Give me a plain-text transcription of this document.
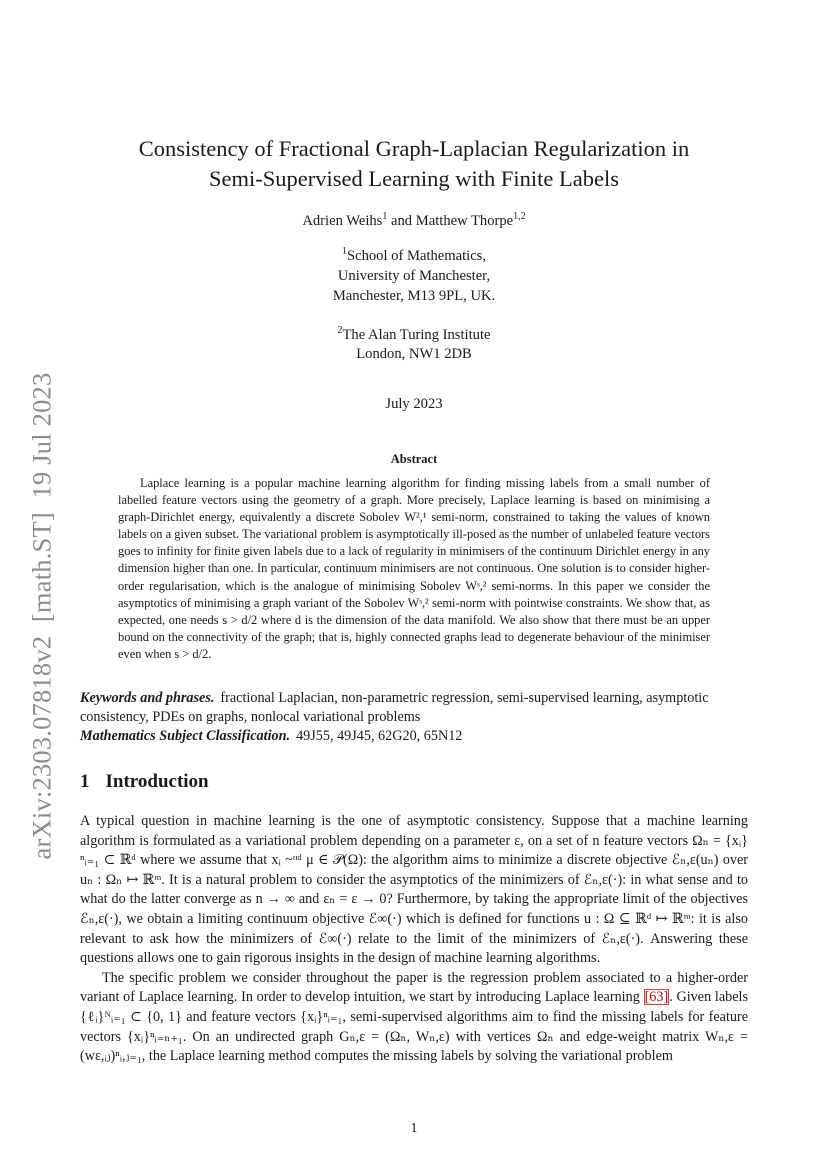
arXiv:2303.07818v2  [math.ST]  19 Jul 2023
Consistency of Fractional Graph-Laplacian Regularization in
Semi-Supervised Learning with Finite Labels
Adrien Weihs$^1$ and Matthew Thorpe$^{1,2}$
$^1$School of Mathematics,
University of Manchester,
Manchester, M13 9PL, UK.
$^2$The Alan Turing Institute
London, NW1 2DB
July 2023
Abstract

Laplace learning is a popular machine learning algorithm for finding missing labels from a small number of labelled feature vectors using the geometry of a graph. More precisely, Laplace learning is based on minimising a graph-Dirichlet energy, equivalently a discrete Sobolev W²,¹ semi-norm, constrained to taking the values of known labels on a given subset. The variational problem is asymptotically ill-posed as the number of unlabeled feature vectors goes to infinity for finite given labels due to a lack of regularity in minimisers of the continuum Dirichlet energy in any dimension higher than one. In particular, continuum minimisers are not continuous. One solution is to consider higher-order regularisation, which is the analogue of minimising Sobolev Wˢ,² semi-norms. In this paper we consider the asymptotics of minimising a graph variant of the Sobolev Wˢ,² semi-norm with pointwise constraints. We show that, as expected, one needs s > d/2 where d is the dimension of the data manifold. We also show that there must be an upper bound on the connectivity of the graph; that is, highly connected graphs lead to degenerate behaviour of the minimiser even when s > d/2.

Keywords and phrases. fractional Laplacian, non-parametric regression, semi-supervised learning, asymptotic consistency, PDEs on graphs, nonlocal variational problems
Mathematics Subject Classification. 49J55, 49J45, 62G20, 65N12
1 Introduction

A typical question in machine learning is the one of asymptotic consistency. Suppose that a machine learning algorithm is formulated as a variational problem depending on a parameter ε, on a set of n feature vectors Ωₙ = {xᵢ}ⁿᵢ₌₁ ⊂ ℝᵈ where we assume that xᵢ ~ᶦᶦᵈ μ ∈ 𝒫(Ω): the algorithm aims to minimize a discrete objective ℰₙ,ε(uₙ) over uₙ : Ωₙ ↦ ℝᵐ. It is a natural problem to consider the asymptotics of the minimizers of ℰₙ,ε(·): in what sense and to what do the latter converge as n → ∞ and εₙ = ε → 0? Furthermore, by taking the appropriate limit of the objectives ℰₙ,ε(·), we obtain a limiting continuum objective ℰ∞(·) which is defined for functions u : Ω ⊆ ℝᵈ ↦ ℝᵐ: it is also relevant to ask how the minimizers of ℰ∞(·) relate to the limit of the minimizers of ℰₙ,ε(·). Answering these questions allows one to gain rigorous insights in the design of machine learning algorithms.

The specific problem we consider throughout the paper is the regression problem associated to a higher-order variant of Laplace learning. In order to develop intuition, we start by introducing Laplace learning [63]. Given labels {ℓᵢ}ᴺᵢ₌₁ ⊂ {0, 1} and feature vectors {xᵢ}ⁿᵢ₌₁, semi-supervised algorithms aim to find the missing labels for feature vectors {xᵢ}ⁿᵢ₌ₙ₊₁. On an undirected graph Gₙ,ε = (Ωₙ, Wₙ,ε) with vertices Ωₙ and edge-weight matrix Wₙ,ε = (wε,ᵢⱼ)ⁿᵢ,ⱼ₌₁, the Laplace learning method computes the missing labels by solving the variational problem

1
